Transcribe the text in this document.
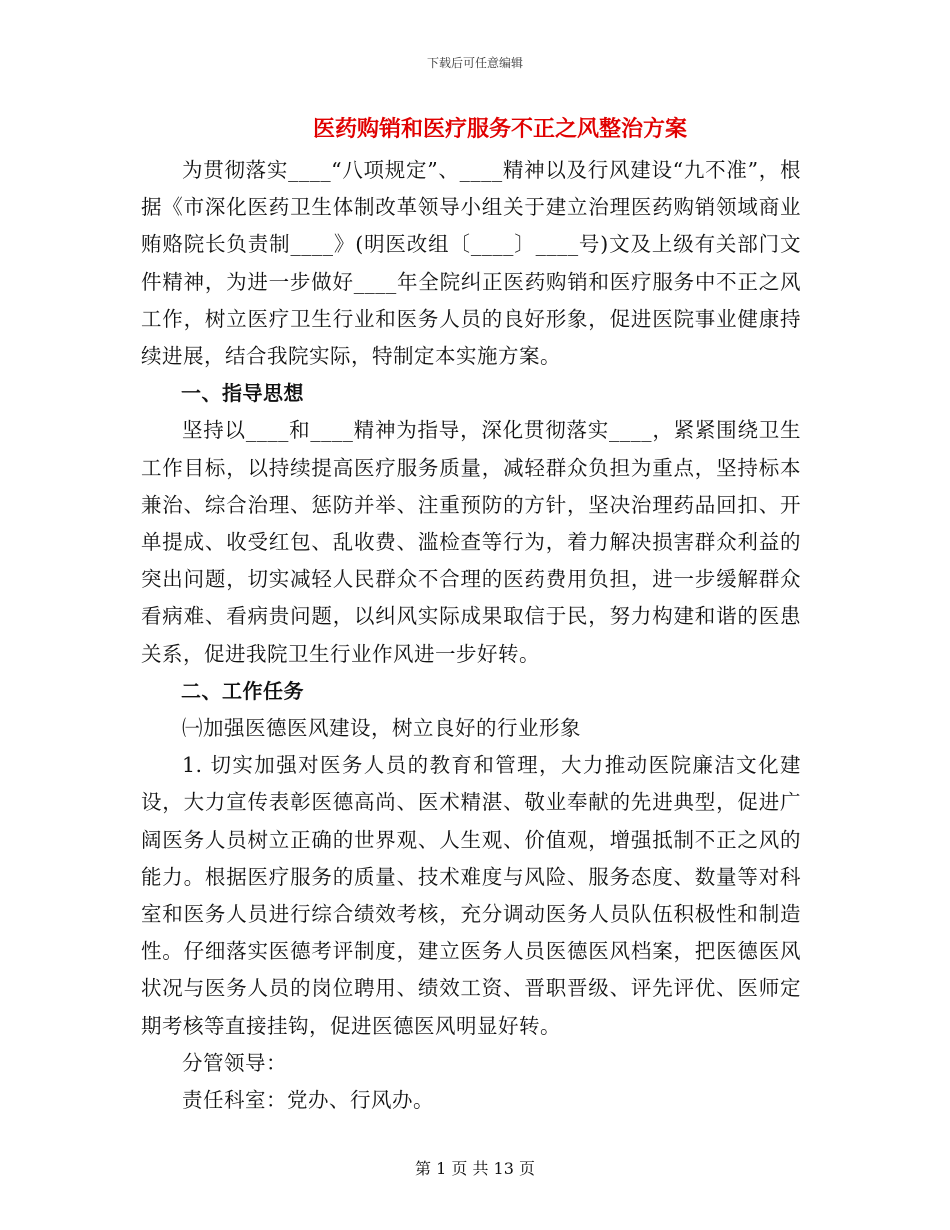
下载后可任意编辑
医药购销和医疗服务不正之风整治方案

为贯彻落实____“八项规定”、____精神以及行风建设“九不准”，根据《市深化医药卫生体制改革领导小组关于建立治理医药购销领域商业贿赂院长负责制____》(明医改组〔____〕____号)文及上级有关部门文件精神，为进一步做好____年全院纠正医药购销和医疗服务中不正之风工作，树立医疗卫生行业和医务人员的良好形象，促进医院事业健康持续进展，结合我院实际，特制定本实施方案。

一、指导思想

坚持以____和____精神为指导，深化贯彻落实____，紧紧围绕卫生工作目标，以持续提高医疗服务质量，减轻群众负担为重点，坚持标本兼治、综合治理、惩防并举、注重预防的方针，坚决治理药品回扣、开单提成、收受红包、乱收费、滥检查等行为，着力解决损害群众利益的突出问题，切实减轻人民群众不合理的医药费用负担，进一步缓解群众看病难、看病贵问题，以纠风实际成果取信于民，努力构建和谐的医患关系，促进我院卫生行业作风进一步好转。

二、工作任务

㈠加强医德医风建设，树立良好的行业形象

1. 切实加强对医务人员的教育和管理，大力推动医院廉洁文化建设，大力宣传表彰医德高尚、医术精湛、敬业奉献的先进典型，促进广阔医务人员树立正确的世界观、人生观、价值观，增强抵制不正之风的能力。根据医疗服务的质量、技术难度与风险、服务态度、数量等对科室和医务人员进行综合绩效考核，充分调动医务人员队伍积极性和制造性。仔细落实医德考评制度，建立医务人员医德医风档案，把医德医风状况与医务人员的岗位聘用、绩效工资、晋职晋级、评先评优、医师定期考核等直接挂钩，促进医德医风明显好转。

分管领导：

责任科室：党办、行风办。

第 1 页 共 13 页
